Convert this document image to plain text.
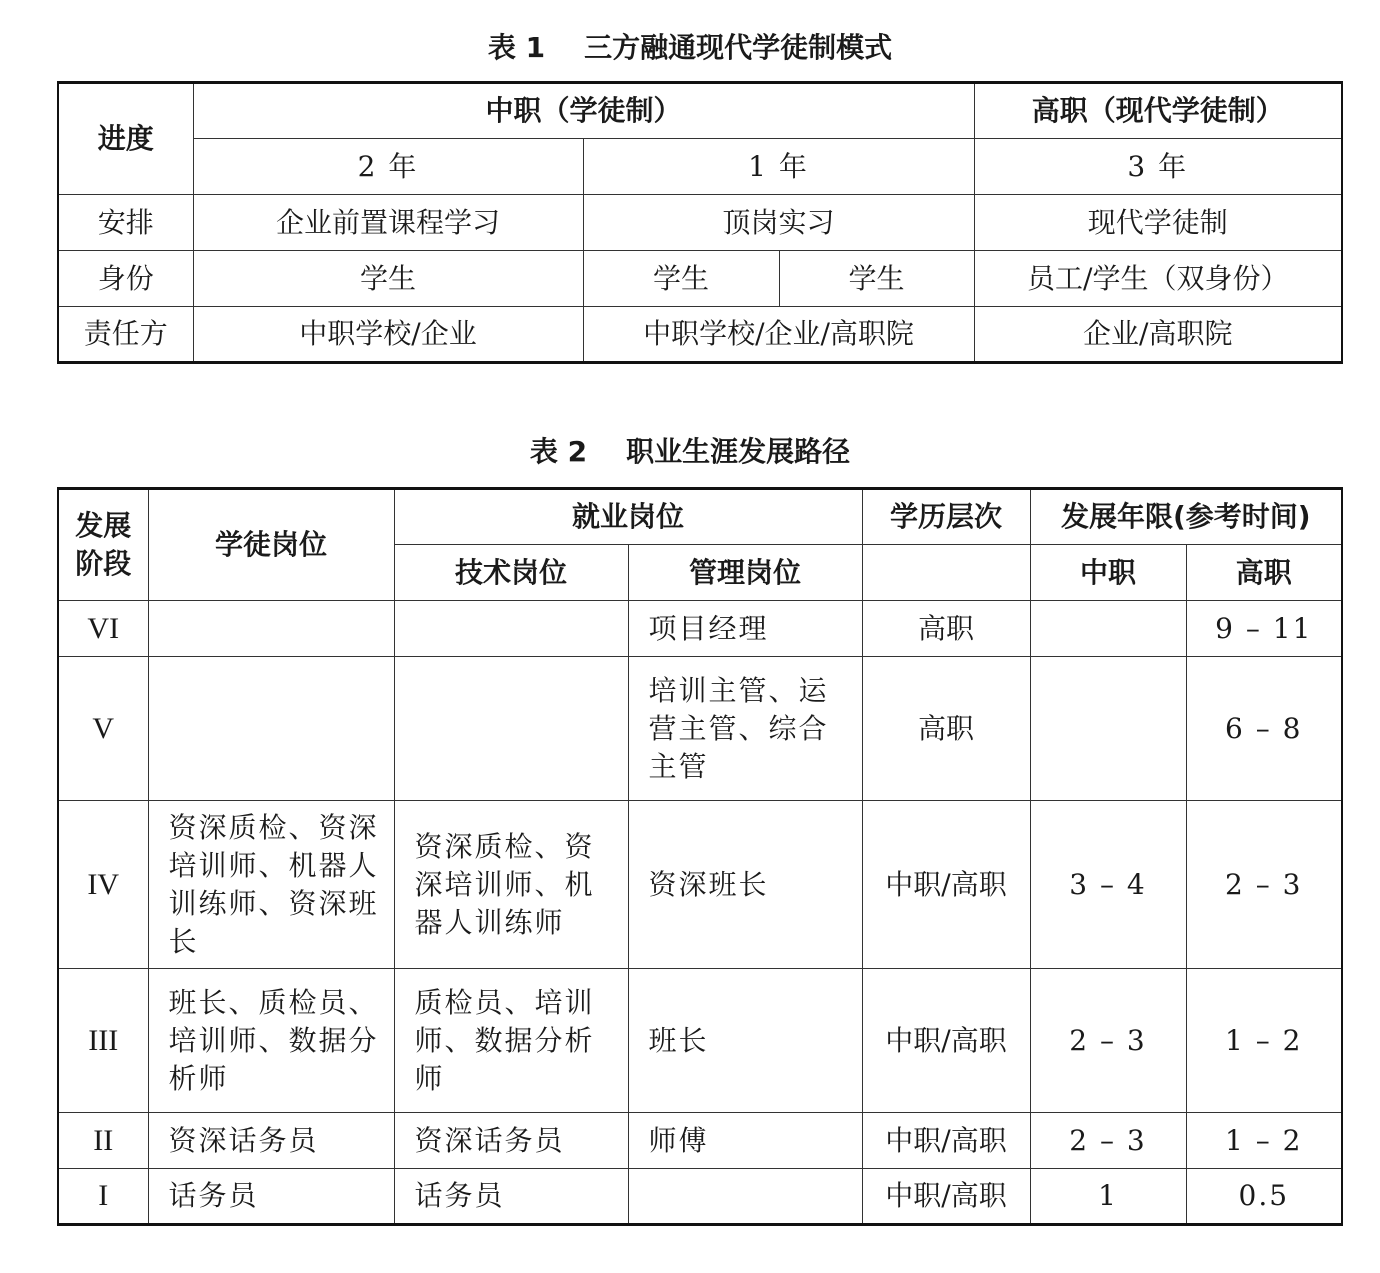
表 1    三方融通现代学徒制模式
进度	中职（学徒制）			高职（现代学徒制）
	2 年	1 年		3 年
安排	企业前置课程学习	顶岗实习		现代学徒制
身份	学生	学生	学生	员工/学生（双身份）
责任方	中职学校/企业	中职学校/企业/高职院		企业/高职院
表 2    职业生涯发展路径
发展阶段	学徒岗位	就业岗位		学历层次	发展年限(参考时间)	
		技术岗位	管理岗位		中职	高职
VI			项目经理	高职		9 – 11
V			培训主管、运营主管、综合主管	高职		6 – 8
IV	资深质检、资深培训师、机器人训练师、资深班长	资深质检、资深培训师、机器人训练师	资深班长	中职/高职	3 – 4	2 – 3
III	班长、质检员、培训师、数据分析师	质检员、培训师、数据分析师	班长	中职/高职	2 – 3	1 – 2
II	资深话务员	资深话务员	师傅	中职/高职	2 – 3	1 – 2
I	话务员	话务员		中职/高职	1	0.5
